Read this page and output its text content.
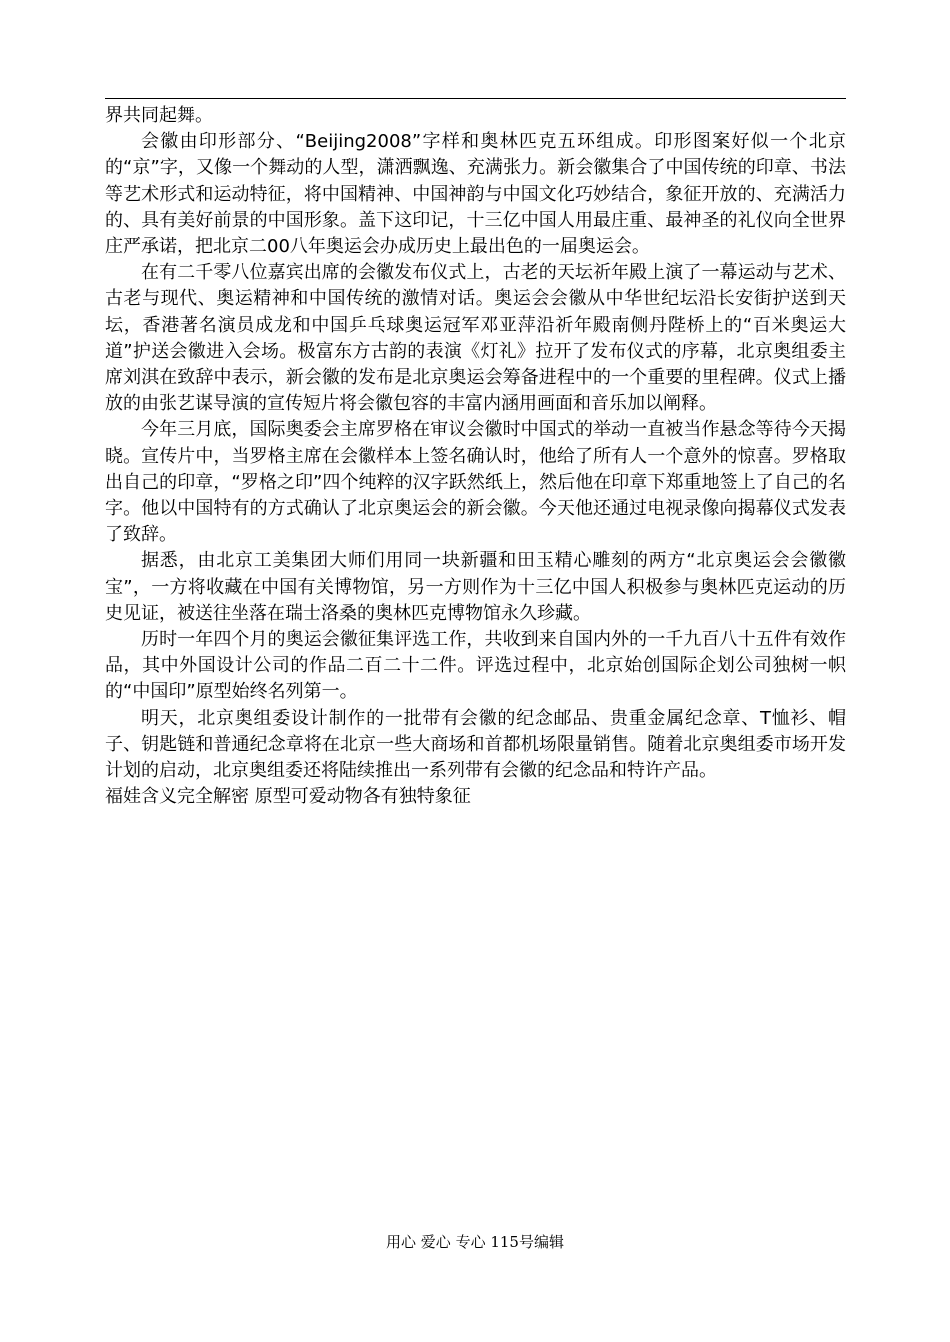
界共同起舞。

会徽由印形部分、“Beijing2008”字样和奥林匹克五环组成。印形图案好似一个北京的“京”字，又像一个舞动的人型，潇洒飘逸、充满张力。新会徽集合了中国传统的印章、书法等艺术形式和运动特征，将中国精神、中国神韵与中国文化巧妙结合，象征开放的、充满活力的、具有美好前景的中国形象。盖下这印记，十三亿中国人用最庄重、最神圣的礼仪向全世界庄严承诺，把北京二00八年奥运会办成历史上最出色的一届奥运会。

在有二千零八位嘉宾出席的会徽发布仪式上，古老的天坛祈年殿上演了一幕运动与艺术、古老与现代、奥运精神和中国传统的激情对话。奥运会会徽从中华世纪坛沿长安街护送到天坛，香港著名演员成龙和中国乒乓球奥运冠军邓亚萍沿祈年殿南侧丹陛桥上的“百米奥运大道”护送会徽进入会场。极富东方古韵的表演《灯礼》拉开了发布仪式的序幕，北京奥组委主席刘淇在致辞中表示，新会徽的发布是北京奥运会筹备进程中的一个重要的里程碑。仪式上播放的由张艺谋导演的宣传短片将会徽包容的丰富内涵用画面和音乐加以阐释。

今年三月底，国际奥委会主席罗格在审议会徽时中国式的举动一直被当作悬念等待今天揭晓。宣传片中，当罗格主席在会徽样本上签名确认时，他给了所有人一个意外的惊喜。罗格取出自己的印章，“罗格之印”四个纯粹的汉字跃然纸上，然后他在印章下郑重地签上了自己的名字。他以中国特有的方式确认了北京奥运会的新会徽。今天他还通过电视录像向揭幕仪式发表了致辞。

据悉，由北京工美集团大师们用同一块新疆和田玉精心雕刻的两方“北京奥运会会徽徽宝”，一方将收藏在中国有关博物馆，另一方则作为十三亿中国人积极参与奥林匹克运动的历史见证，被送往坐落在瑞士洛桑的奥林匹克博物馆永久珍藏。

历时一年四个月的奥运会徽征集评选工作，共收到来自国内外的一千九百八十五件有效作品，其中外国设计公司的作品二百二十二件。评选过程中，北京始创国际企划公司独树一帜的“中国印”原型始终名列第一。

明天，北京奥组委设计制作的一批带有会徽的纪念邮品、贵重金属纪念章、T恤衫、帽子、钥匙链和普通纪念章将在北京一些大商场和首都机场限量销售。随着北京奥组委市场开发计划的启动，北京奥组委还将陆续推出一系列带有会徽的纪念品和特许产品。

福娃含义完全解密 原型可爱动物各有独特象征

用心 爱心 专心 115号编辑
